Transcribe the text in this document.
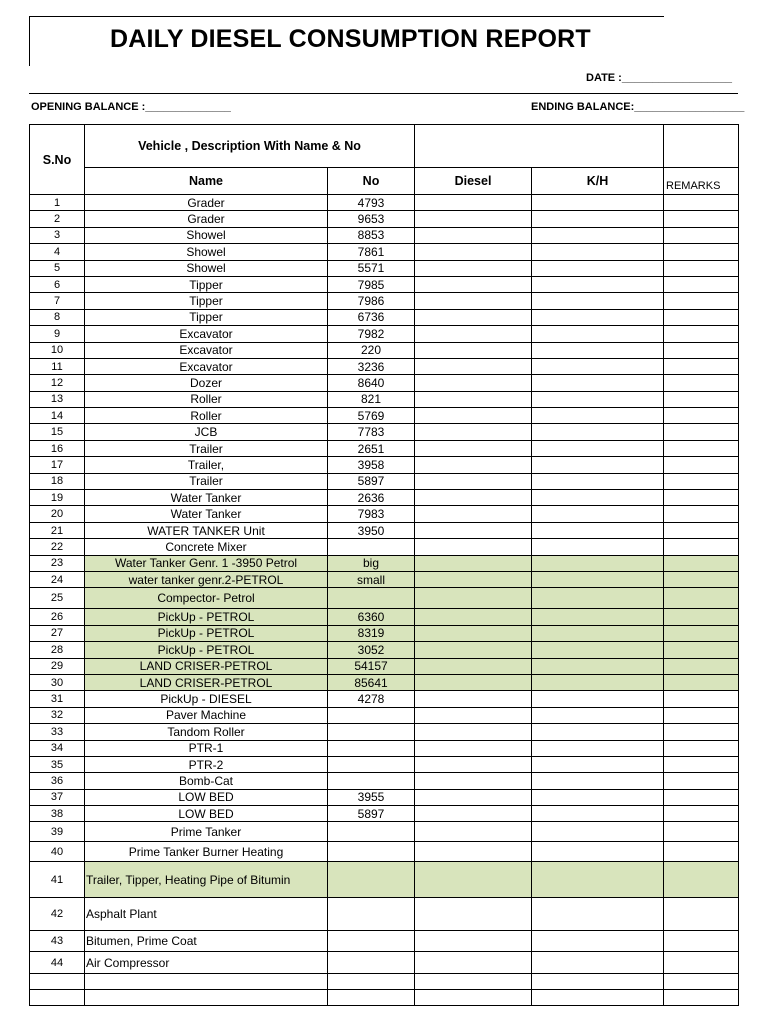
DAILY DIESEL CONSUMPTION REPORT
DATE :__________________
OPENING BALANCE :______________	ENDING BALANCE:__________________
S.No	Vehicle , Description With Name & No				
	Name	No	Diesel	K/H	REMARKS
1	Grader	4793			
2	Grader	9653			
3	Showel	8853			
4	Showel	7861			
5	Showel	5571			
6	Tipper	7985			
7	Tipper	7986			
8	Tipper	6736			
9	Excavator	7982			
10	Excavator	220			
11	Excavator	3236			
12	Dozer	8640			
13	Roller	821			
14	Roller	5769			
15	JCB	7783			
16	Trailer	2651			
17	Trailer,	3958			
18	Trailer	5897			
19	Water Tanker	2636			
20	Water Tanker	7983			
21	WATER TANKER Unit	3950			
22	Concrete Mixer				
23	Water Tanker Genr. 1 -3950 Petrol	big			
24	water tanker genr.2-PETROL	small			
25	Compector- Petrol				
26	PickUp - PETROL	6360			
27	PickUp - PETROL	8319			
28	PickUp - PETROL	3052			
29	LAND CRISER-PETROL	54157			
30	LAND CRISER-PETROL	85641			
31	PickUp - DIESEL	4278			
32	Paver Machine				
33	Tandom Roller				
34	PTR-1				
35	PTR-2				
36	Bomb-Cat				
37	LOW BED	3955			
38	LOW BED	5897			
39	Prime Tanker				
40	Prime Tanker Burner Heating				
41	Trailer, Tipper, Heating Pipe of Bitumin				
42	Asphalt Plant				
43	Bitumen, Prime Coat				
44	Air Compressor				
